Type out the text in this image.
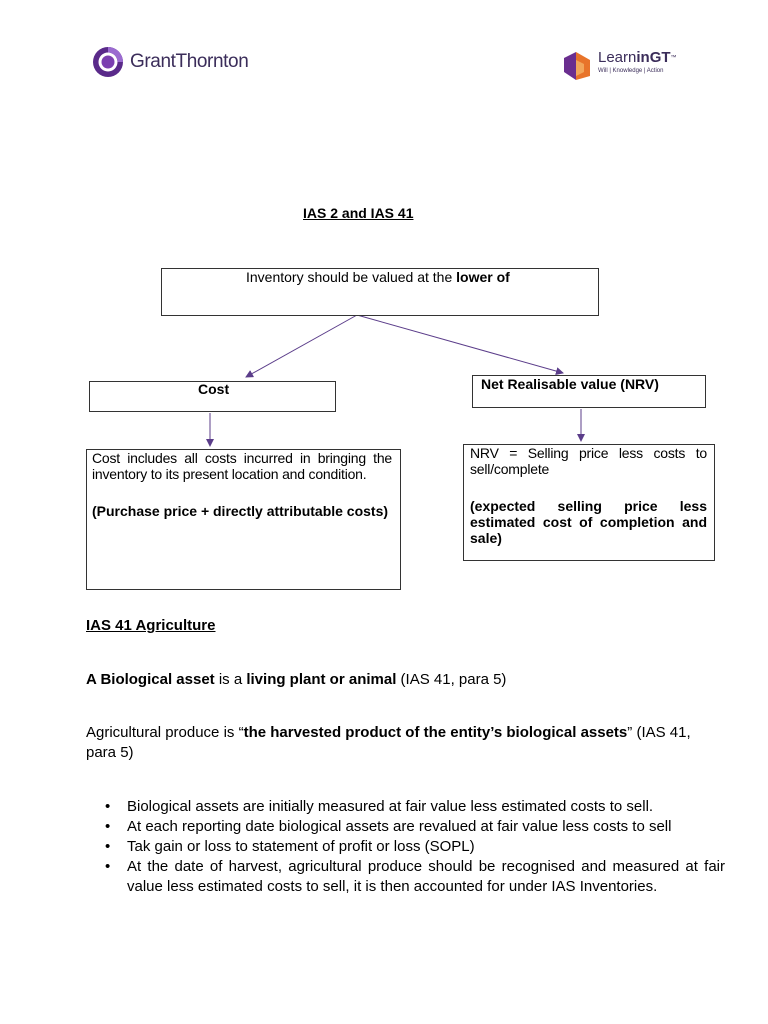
GrantThornton	LearninGT™
Will | Knowledge | Action
IAS 2 and IAS 41
Inventory should be valued at the lower of
Cost	Net Realisable value (NRV)

Cost includes all costs incurred in bringing the inventory to its present location and condition.

(Purchase price + directly attributable costs)

NRV = Selling price less costs to sell/complete

(expected selling price less estimated cost of completion and sale)

IAS 41 Agriculture
A Biological asset is a living plant or animal (IAS 41, para 5)
Agricultural produce is “the harvested product of the entity’s biological assets” (IAS 41, para 5)
• Biological assets are initially measured at fair value less estimated costs to sell.
• At each reporting date biological assets are revalued at fair value less costs to sell
• Tak gain or loss to statement of profit or loss (SOPL)
• At the date of harvest, agricultural produce should be recognised and measured at fair value less estimated costs to sell, it is then accounted for under IAS Inventories.
